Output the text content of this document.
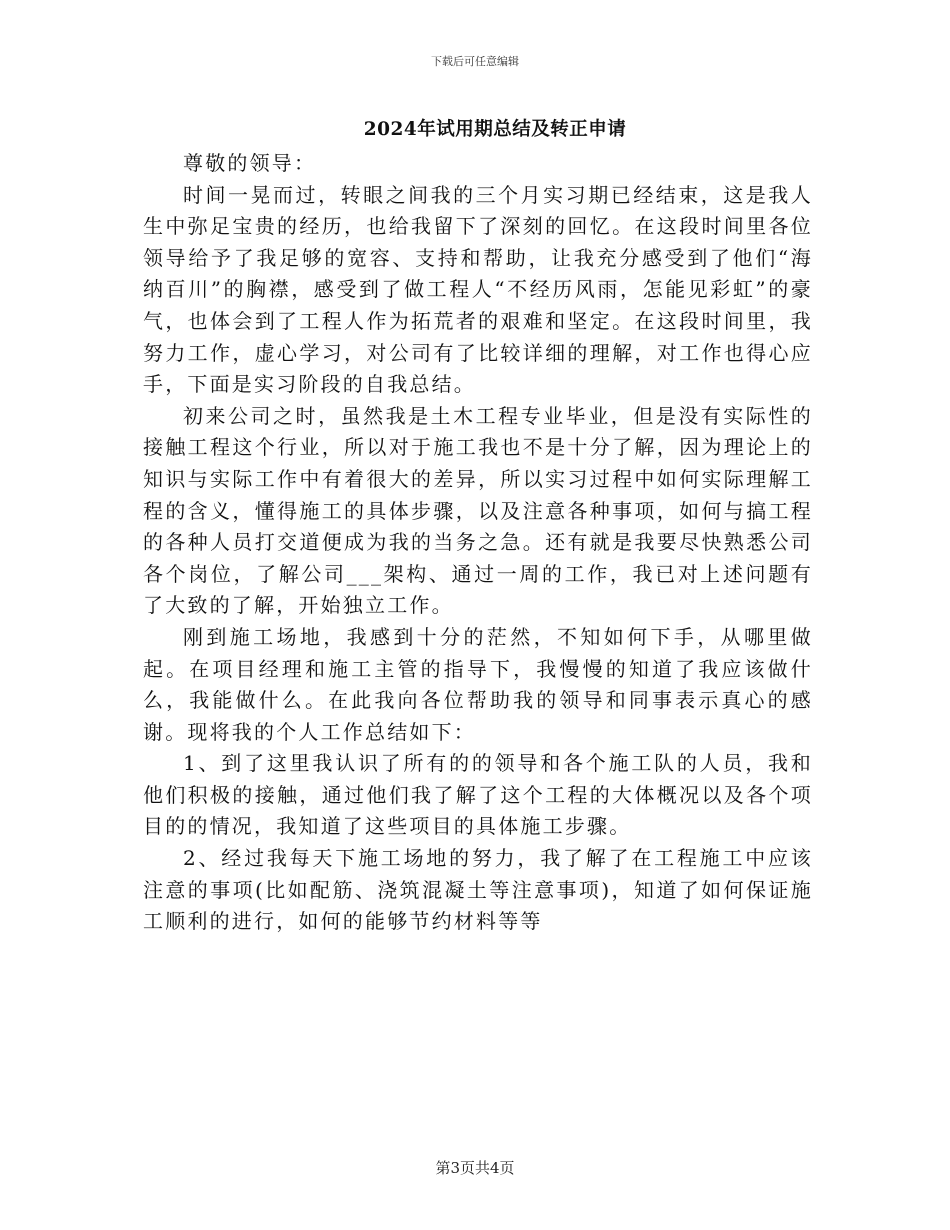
下载后可任意编辑
2024年试用期总结及转正申请

尊敬的领导：

时间一晃而过，转眼之间我的三个月实习期已经结束，这是我人生中弥足宝贵的经历，也给我留下了深刻的回忆。在这段时间里各位领导给予了我足够的宽容、支持和帮助，让我充分感受到了他们“海纳百川”的胸襟，感受到了做工程人“不经历风雨，怎能见彩虹”的豪气，也体会到了工程人作为拓荒者的艰难和坚定。在这段时间里，我努力工作，虚心学习，对公司有了比较详细的理解，对工作也得心应手，下面是实习阶段的自我总结。

初来公司之时，虽然我是土木工程专业毕业，但是没有实际性的接触工程这个行业，所以对于施工我也不是十分了解，因为理论上的知识与实际工作中有着很大的差异，所以实习过程中如何实际理解工程的含义，懂得施工的具体步骤，以及注意各种事项，如何与搞工程的各种人员打交道便成为我的当务之急。还有就是我要尽快熟悉公司各个岗位，了解公司___架构、通过一周的工作，我已对上述问题有了大致的了解，开始独立工作。

刚到施工场地，我感到十分的茫然，不知如何下手，从哪里做起。在项目经理和施工主管的指导下，我慢慢的知道了我应该做什么，我能做什么。在此我向各位帮助我的领导和同事表示真心的感谢。现将我的个人工作总结如下：

1、到了这里我认识了所有的的领导和各个施工队的人员，我和他们积极的接触，通过他们我了解了这个工程的大体概况以及各个项目的的情况，我知道了这些项目的具体施工步骤。

2、经过我每天下施工场地的努力，我了解了在工程施工中应该注意的事项(比如配筋、浇筑混凝土等注意事项)，知道了如何保证施工顺利的进行，如何的能够节约材料等等

第3页共4页
